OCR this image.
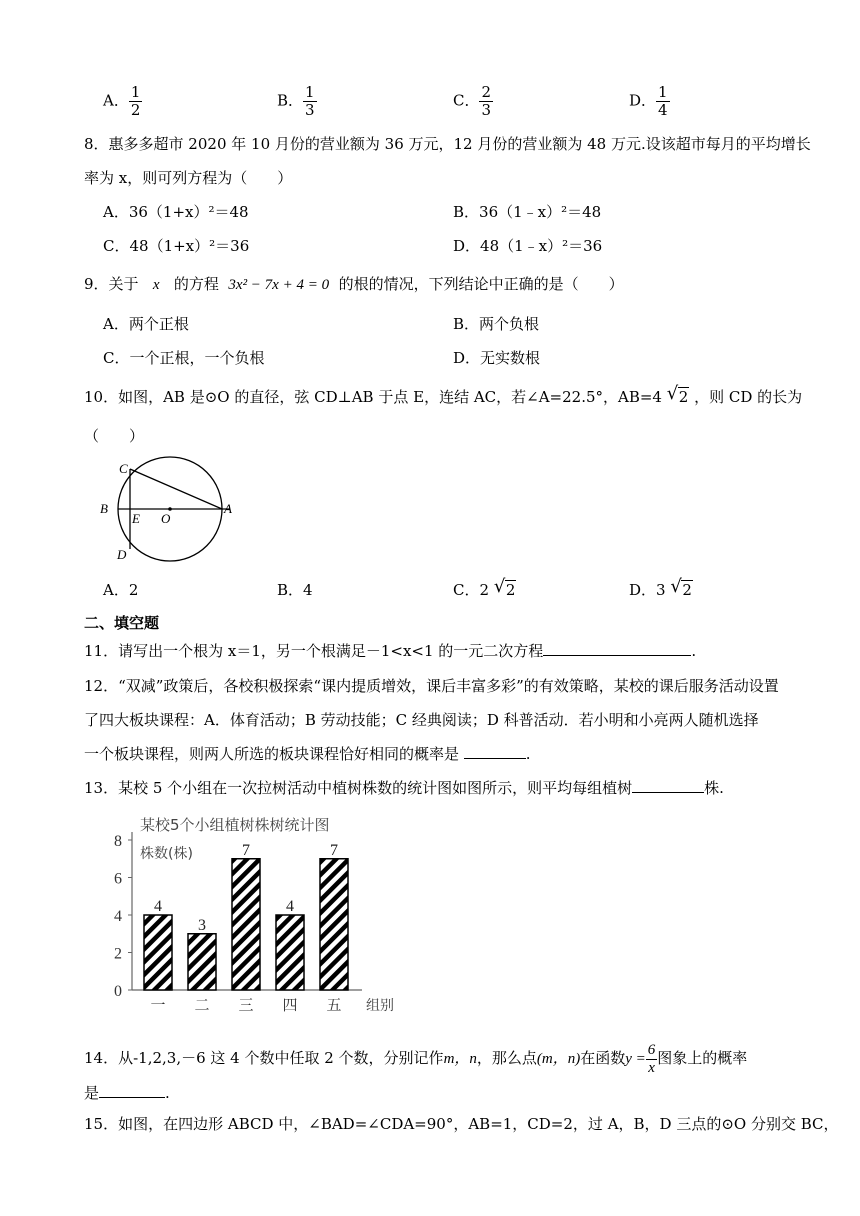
A． $\frac{1}{2}$	B． $\frac{1}{3}$	C． $\frac{2}{3}$	D． $\frac{1}{4}$
8．惠多多超市 2020 年 10 月份的营业额为 36 万元，12 月份的营业额为 48 万元.设该超市每月的平均增长
率为 x，则可列方程为（　　）
A．36（1+x）²＝48	B．36（1﹣x）²＝48
C．48（1+x）²＝36	D．48（1﹣x）²＝36
9．关于 x 的方程 3x² − 7x + 4 = 0 的根的情况，下列结论中正确的是（　　）
A．两个正根	B．两个负根
C．一个正根，一个负根	D．无实数根
10．如图，AB 是⊙O 的直径，弦 CD⊥AB 于点 E，连结 AC，若∠A=22.5°，AB=4 √ 2 ，则 CD 的长为
（　　）
C
B
E O
A
D
A．2	B．4	C．2 √ 2	D．3 √ 2
二、填空题
11．请写出一个根为 x＝1，另一个根满足－1<x<1 的一元二次方程	.
12．“双减”政策后，各校积极探索“课内提质增效，课后丰富多彩”的有效策略，某校的课后服务活动设置
了四大板块课程：A．体育活动；B 劳动技能；C 经典阅读；D 科普活动．若小明和小亮两人随机选择
一个板块课程，则两人所选的板块课程恰好相同的概率是	.
13．某校 5 个小组在一次拉树活动中植树株数的统计图如图所示，则平均每组植树	株.
某校5个小组植树株树统计图
株数(株)
组别
0
2
4
6
8
4
一
3
二
7
三
4
四
7
五
14．从-1,2,3,－6 这 4 个数中任取 2 个数，分别记作m，n，那么点(m，n)在函数$y = \frac{6}{x}$ 图象上的概率
是	.
15．如图，在四边形 ABCD 中，∠BAD=∠CDA=90°，AB=1，CD=2，过 A，B，D 三点的⊙O 分别交 BC，
